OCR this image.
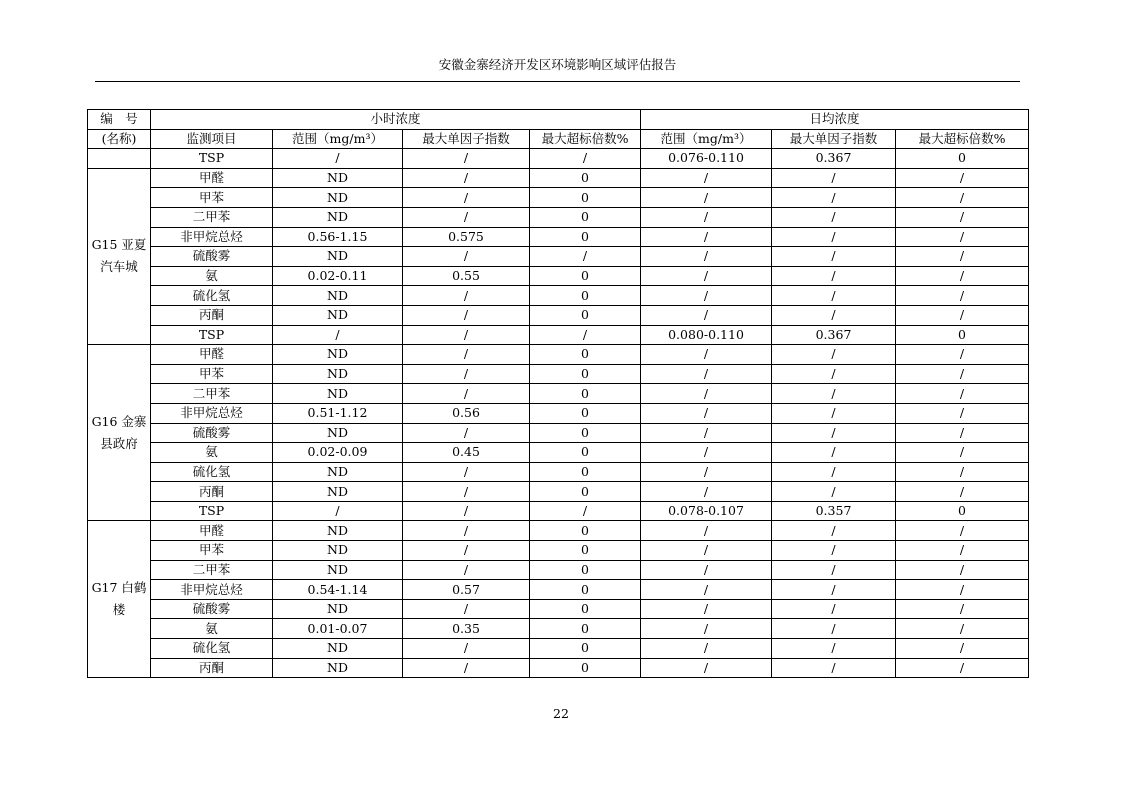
安徽金寨经济开发区环境影响区域评估报告
编　号	小时浓度				日均浓度		
(名称)	监测项目	范围（mg/m³）	最大单因子指数	最大超标倍数%	范围（mg/m³）	最大单因子指数	最大超标倍数%
	TSP	/	/	/	0.076-0.110	0.367	0
G15 亚夏汽车城	甲醛	ND	/	0	/	/	/
	甲苯	ND	/	0	/	/	/
	二甲苯	ND	/	0	/	/	/
	非甲烷总烃	0.56-1.15	0.575	0	/	/	/
	硫酸雾	ND	/	/	/	/	/
	氨	0.02-0.11	0.55	0	/	/	/
	硫化氢	ND	/	0	/	/	/
	丙酮	ND	/	0	/	/	/
	TSP	/	/	/	0.080-0.110	0.367	0
G16 金寨县政府	甲醛	ND	/	0	/	/	/
	甲苯	ND	/	0	/	/	/
	二甲苯	ND	/	0	/	/	/
	非甲烷总烃	0.51-1.12	0.56	0	/	/	/
	硫酸雾	ND	/	0	/	/	/
	氨	0.02-0.09	0.45	0	/	/	/
	硫化氢	ND	/	0	/	/	/
	丙酮	ND	/	0	/	/	/
	TSP	/	/	/	0.078-0.107	0.357	0
G17 白鹤楼	甲醛	ND	/	0	/	/	/
	甲苯	ND	/	0	/	/	/
	二甲苯	ND	/	0	/	/	/
	非甲烷总烃	0.54-1.14	0.57	0	/	/	/
	硫酸雾	ND	/	0	/	/	/
	氨	0.01-0.07	0.35	0	/	/	/
	硫化氢	ND	/	0	/	/	/
	丙酮	ND	/	0	/	/	/
22
